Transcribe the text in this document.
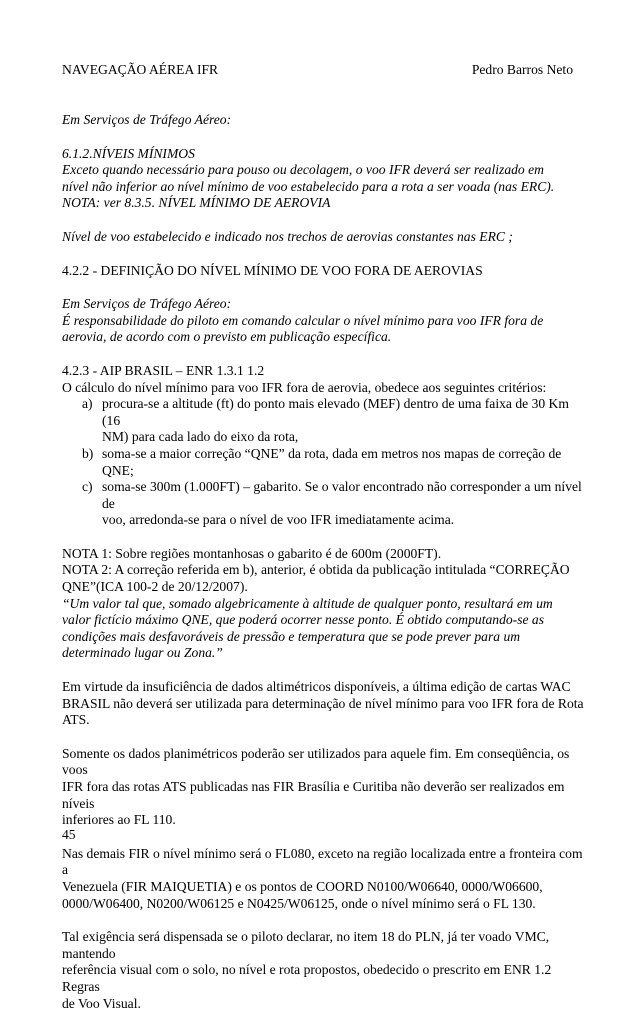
NAVEGAÇÃO AÉREA IFR	Pedro Barros Neto

Em Serviços de Tráfego Aéreo:

6.1.2.NÍVEIS MÍNIMOS

Exceto quando necessário para pouso ou decolagem, o voo IFR deverá ser realizado em

nível não inferior ao nível mínimo de voo estabelecido para a rota a ser voada (nas ERC).

NOTA: ver 8.3.5. NÍVEL MÍNIMO DE AEROVIA

Nível de voo estabelecido e indicado nos trechos de aerovias constantes nas ERC ;

4.2.2 - DEFINIÇÃO DO NÍVEL MÍNIMO DE VOO FORA DE AEROVIAS

Em Serviços de Tráfego Aéreo:

É responsabilidade do piloto em comando calcular o nível mínimo para voo IFR fora de

aerovia, de acordo com o previsto em publicação específica.

4.2.3 - AIP BRASIL – ENR 1.3.1 1.2

O cálculo do nível mínimo para voo IFR fora de aerovia, obedece aos seguintes critérios:

a) procura-se a altitude (ft) do ponto mais elevado (MEF) dentro de uma faixa de 30 Km (16
NM) para cada lado do eixo da rota,
b) soma-se a maior correção “QNE” da rota, dada em metros nos mapas de correção de QNE;
c) soma-se 300m (1.000FT) – gabarito. Se o valor encontrado não corresponder a um nível de
voo, arredonda-se para o nível de voo IFR imediatamente acima.

NOTA 1: Sobre regiões montanhosas o gabarito é de 600m (2000FT).

NOTA 2: A correção referida em b), anterior, é obtida da publicação intitulada “CORREÇÃO

QNE”(ICA 100-2 de 20/12/2007).

“Um valor tal que, somado algebricamente à altitude de qualquer ponto, resultará em um

valor fictício máximo QNE, que poderá ocorrer nesse ponto. É obtido computando-se as

condições mais desfavoráveis de pressão e temperatura que se pode prever para um

determinado lugar ou Zona.”

Em virtude da insuficiência de dados altimétricos disponíveis, a última edição de cartas WAC

BRASIL não deverá ser utilizada para determinação de nível mínimo para voo IFR fora de Rota

ATS.

Somente os dados planimétricos poderão ser utilizados para aquele fim. Em conseqüência, os voos

IFR fora das rotas ATS publicadas nas FIR Brasília e Curitiba não deverão ser realizados em níveis

inferiores ao FL 110.

Nas demais FIR o nível mínimo será o FL080, exceto na região localizada entre a fronteira com a

Venezuela (FIR MAIQUETIA) e os pontos de COORD N0100/W06640, 0000/W06600,

0000/W06400, N0200/W06125 e N0425/W06125, onde o nível mínimo será o FL 130.

Tal exigência será dispensada se o piloto declarar, no item 18 do PLN, já ter voado VMC, mantendo

referência visual com o solo, no nível e rota propostos, obedecido o prescrito em ENR 1.2 Regras

de Voo Visual.

45
